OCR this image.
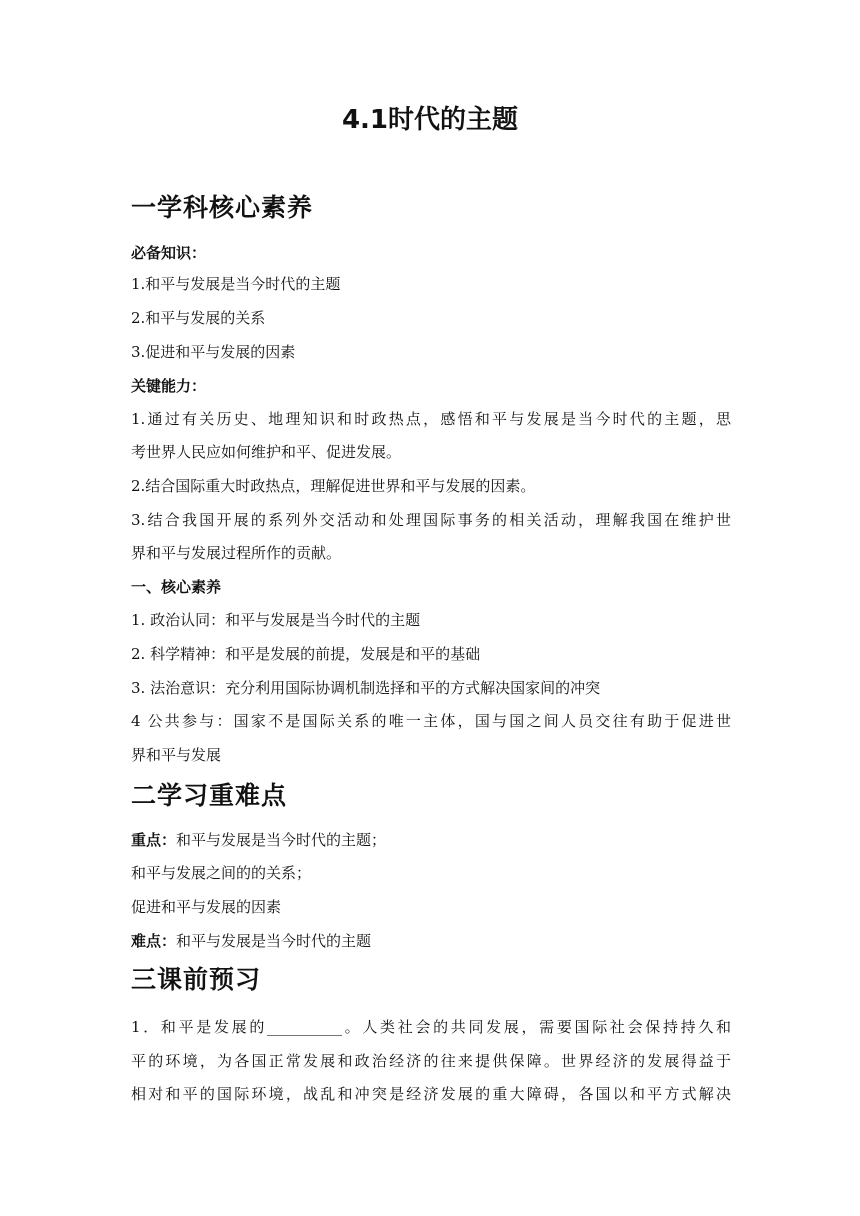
4.1时代的主题
一学科核心素养
必备知识：
1.和平与发展是当今时代的主题
2.和平与发展的关系
3.促进和平与发展的因素
关键能力：
1.通过有关历史、地理知识和时政热点，感悟和平与发展是当今时代的主题，思
考世界人民应如何维护和平、促进发展。
2.结合国际重大时政热点，理解促进世界和平与发展的因素。
3.结合我国开展的系列外交活动和处理国际事务的相关活动，理解我国在维护世
界和平与发展过程所作的贡献。
一、核心素养
1. 政治认同：和平与发展是当今时代的主题
2. 科学精神：和平是发展的前提，发展是和平的基础
3. 法治意识：充分利用国际协调机制选择和平的方式解决国家间的冲突
4 公共参与：国家不是国际关系的唯一主体，国与国之间人员交往有助于促进世
界和平与发展
二学习重难点
重点：和平与发展是当今时代的主题；
和平与发展之间的的关系；
促进和平与发展的因素
难点：和平与发展是当今时代的主题
三课前预习
1．和平是发展的__________。人类社会的共同发展，需要国际社会保持持久和
平的环境，为各国正常发展和政治经济的往来提供保障。世界经济的发展得益于
相对和平的国际环境，战乱和冲突是经济发展的重大障碍，各国以和平方式解决
